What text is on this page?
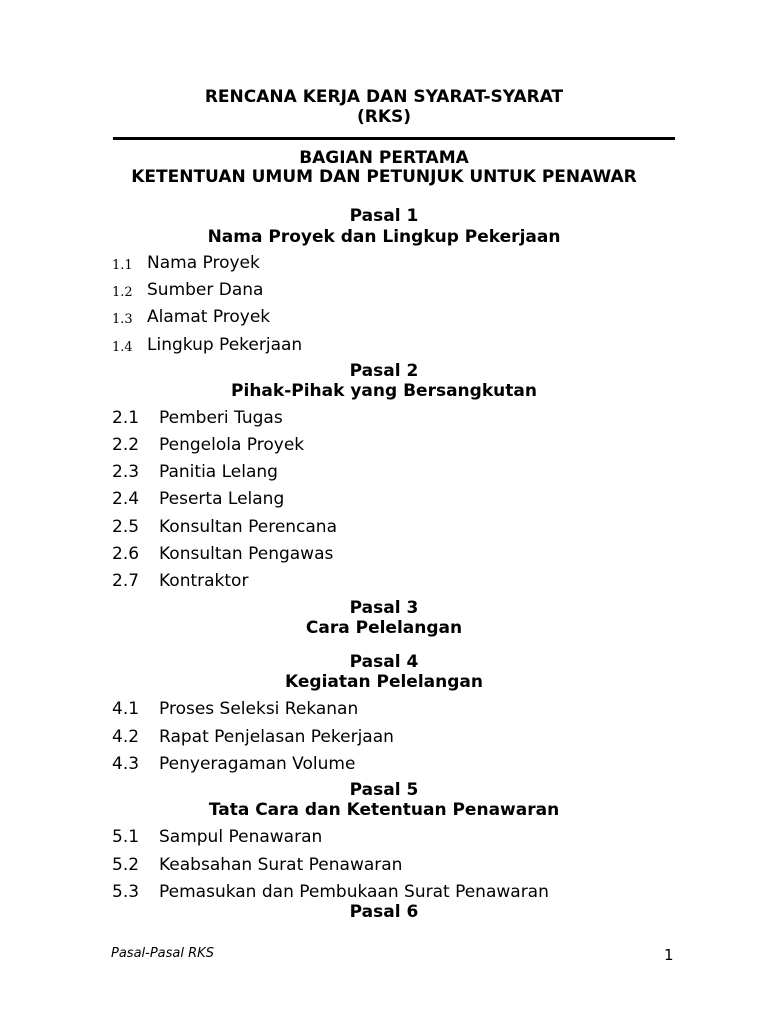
RENCANA KERJA DAN SYARAT-SYARAT
(RKS)
BAGIAN PERTAMA
KETENTUAN UMUM DAN PETUNJUK UNTUK PENAWAR
Pasal 1
Nama Proyek dan Lingkup Pekerjaan
1.1 Nama Proyek
1.2 Sumber Dana
1.3 Alamat Proyek
1.4 Lingkup Pekerjaan
Pasal 2
Pihak-Pihak yang Bersangkutan
2.1 Pemberi Tugas
2.2 Pengelola Proyek
2.3 Panitia Lelang
2.4 Peserta Lelang
2.5 Konsultan Perencana
2.6 Konsultan Pengawas
2.7 Kontraktor
Pasal 3
Cara Pelelangan
Pasal 4
Kegiatan Pelelangan
4.1 Proses Seleksi Rekanan
4.2 Rapat Penjelasan Pekerjaan
4.3 Penyeragaman Volume
Pasal 5
Tata Cara dan Ketentuan Penawaran
5.1 Sampul Penawaran
5.2 Keabsahan Surat Penawaran
5.3 Pemasukan dan Pembukaan Surat Penawaran
Pasal 6
Pasal-Pasal RKS	1
